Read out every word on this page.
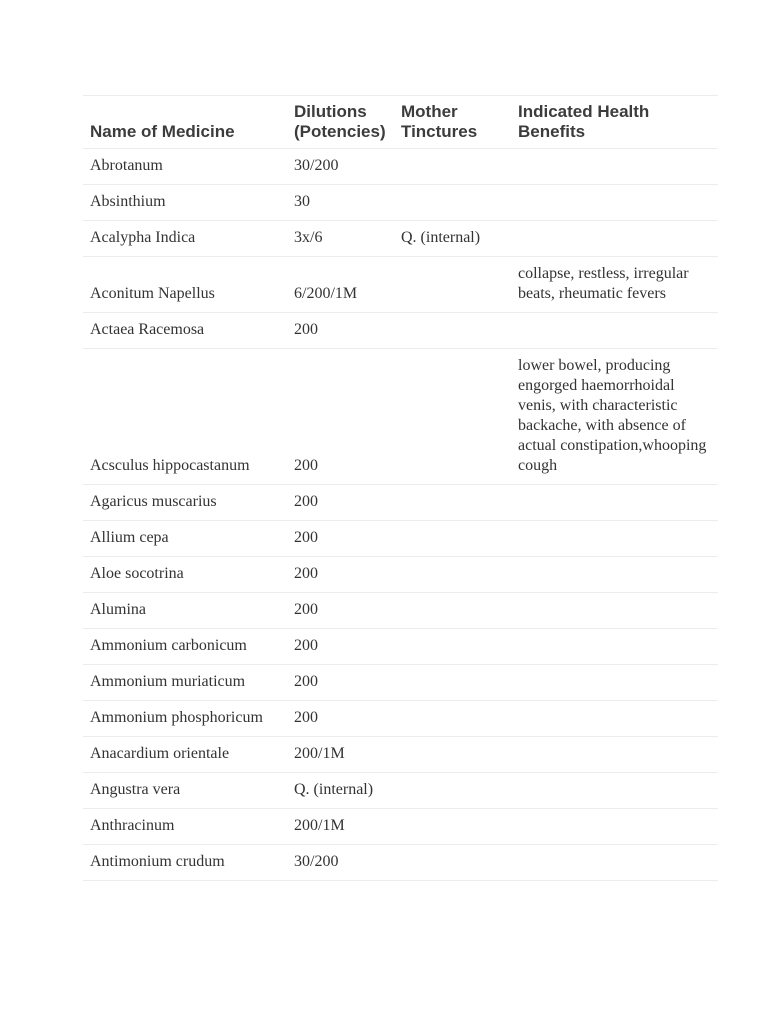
Name of Medicine	Dilutions (Potencies)	Mother Tinctures	Indicated Health Benefits
Abrotanum	30/200		
Absinthium	30		
Acalypha Indica	3x/6	Q. (internal)	
Aconitum Napellus	6/200/1M		collapse, restless, irregular beats, rheumatic fevers
Actaea Racemosa	200		
Acsculus hippocastanum	200		lower bowel, producing engorged haemorrhoidal venis, with characteristic backache, with absence of actual constipation,whooping cough
Agaricus muscarius	200		
Allium cepa	200		
Aloe socotrina	200		
Alumina	200		
Ammonium carbonicum	200		
Ammonium muriaticum	200		
Ammonium phosphoricum	200		
Anacardium orientale	200/1M		
Angustra vera	Q. (internal)		
Anthracinum	200/1M		
Antimonium crudum	30/200		
